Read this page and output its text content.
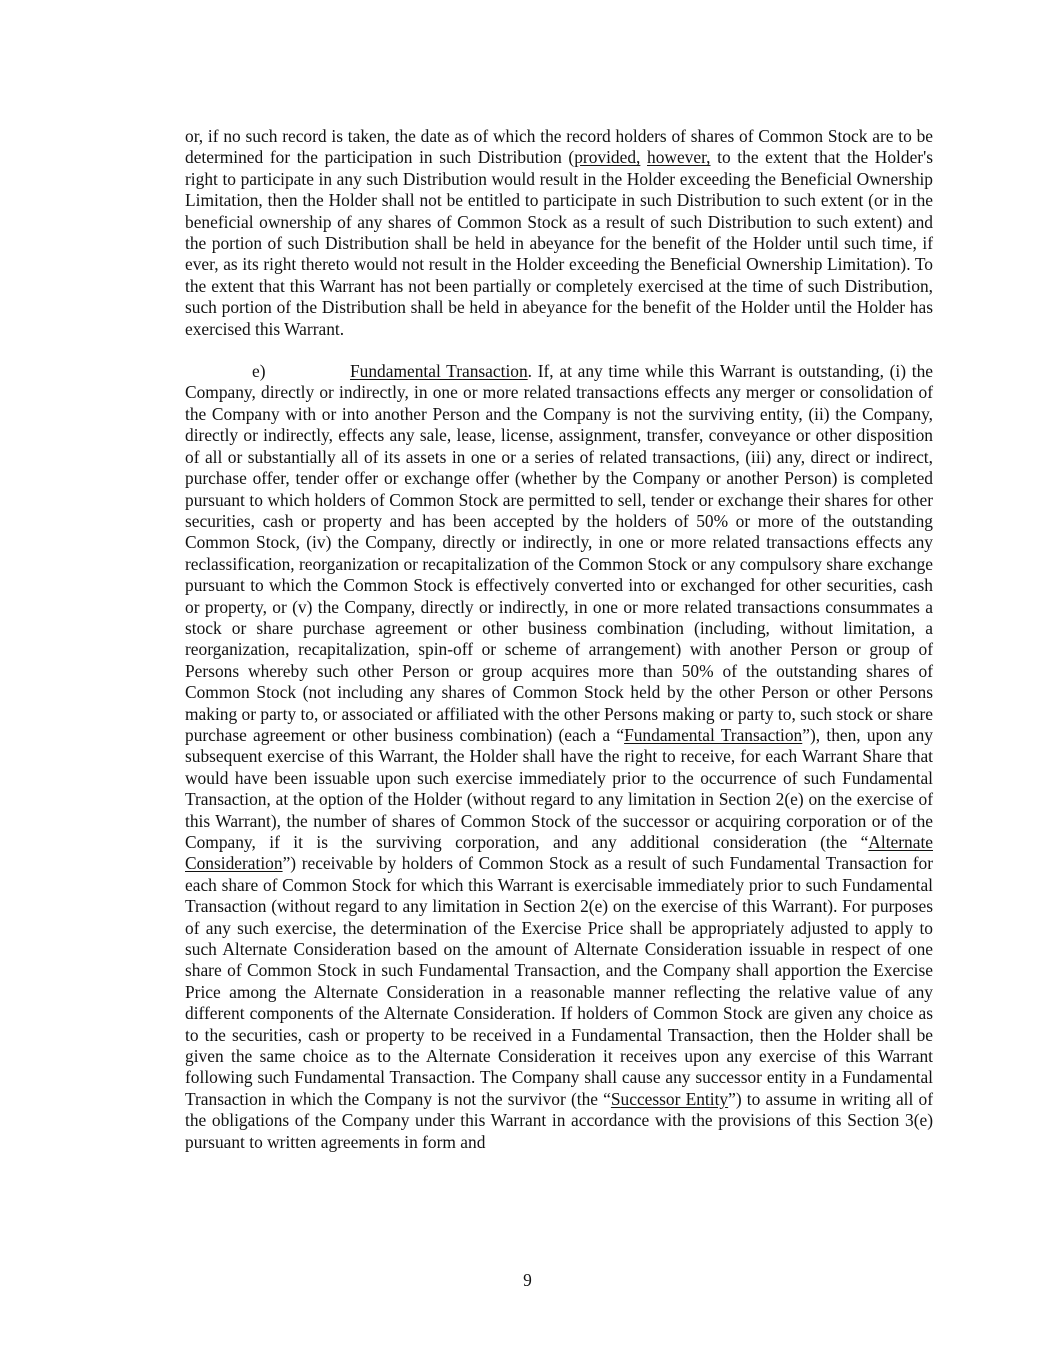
or, if no such record is taken, the date as of which the record holders of shares of Common Stock are to be determined for the participation in such Distribution (provided, however, to the extent that the Holder's right to participate in any such Distribution would result in the Holder exceeding the Beneficial Ownership Limitation, then the Holder shall not be entitled to participate in such Distribution to such extent (or in the beneficial ownership of any shares of Common Stock as a result of such Distribution to such extent) and the portion of such Distribution shall be held in abeyance for the benefit of the Holder until such time, if ever, as its right thereto would not result in the Holder exceeding the Beneficial Ownership Limitation). To the extent that this Warrant has not been partially or completely exercised at the time of such Distribution, such portion of the Distribution shall be held in abeyance for the benefit of the Holder until the Holder has exercised this Warrant.

e)	Fundamental Transaction. If, at any time while this Warrant is outstanding, (i) the Company, directly or indirectly, in one or more related transactions effects any merger or consolidation of the Company with or into another Person and the Company is not the surviving entity, (ii) the Company, directly or indirectly, effects any sale, lease, license, assignment, transfer, conveyance or other disposition of all or substantially all of its assets in one or a series of related transactions, (iii) any, direct or indirect, purchase offer, tender offer or exchange offer (whether by the Company or another Person) is completed pursuant to which holders of Common Stock are permitted to sell, tender or exchange their shares for other securities, cash or property and has been accepted by the holders of 50% or more of the outstanding Common Stock, (iv) the Company, directly or indirectly, in one or more related transactions effects any reclassification, reorganization or recapitalization of the Common Stock or any compulsory share exchange pursuant to which the Common Stock is effectively converted into or exchanged for other securities, cash or property, or (v) the Company, directly or indirectly, in one or more related transactions consummates a stock or share purchase agreement or other business combination (including, without limitation, a reorganization, recapitalization, spin-off or scheme of arrangement) with another Person or group of Persons whereby such other Person or group acquires more than 50% of the outstanding shares of Common Stock (not including any shares of Common Stock held by the other Person or other Persons making or party to, or associated or affiliated with the other Persons making or party to, such stock or share purchase agreement or other business combination) (each a “Fundamental Transaction”), then, upon any subsequent exercise of this Warrant, the Holder shall have the right to receive, for each Warrant Share that would have been issuable upon such exercise immediately prior to the occurrence of such Fundamental Transaction, at the option of the Holder (without regard to any limitation in Section 2(e) on the exercise of this Warrant), the number of shares of Common Stock of the successor or acquiring corporation or of the Company, if it is the surviving corporation, and any additional consideration (the “Alternate Consideration”) receivable by holders of Common Stock as a result of such Fundamental Transaction for each share of Common Stock for which this Warrant is exercisable immediately prior to such Fundamental Transaction (without regard to any limitation in Section 2(e) on the exercise of this Warrant). For purposes of any such exercise, the determination of the Exercise Price shall be appropriately adjusted to apply to such Alternate Consideration based on the amount of Alternate Consideration issuable in respect of one share of Common Stock in such Fundamental Transaction, and the Company shall apportion the Exercise Price among the Alternate Consideration in a reasonable manner reflecting the relative value of any different components of the Alternate Consideration. If holders of Common Stock are given any choice as to the securities, cash or property to be received in a Fundamental Transaction, then the Holder shall be given the same choice as to the Alternate Consideration it receives upon any exercise of this Warrant following such Fundamental Transaction. The Company shall cause any successor entity in a Fundamental Transaction in which the Company is not the survivor (the “Successor Entity”) to assume in writing all of the obligations of the Company under this Warrant in accordance with the provisions of this Section 3(e) pursuant to written agreements in form and

9
